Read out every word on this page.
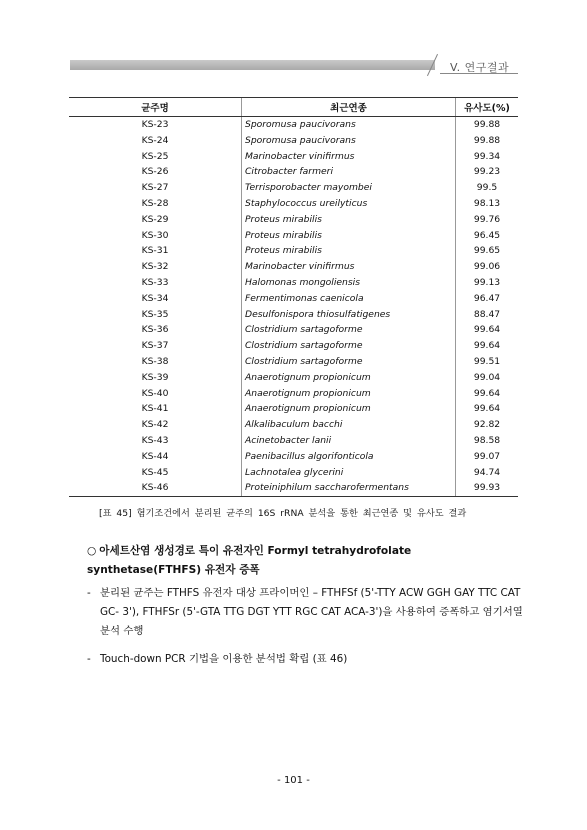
V. 연구결과
균주명	최근연종	유사도(%)
KS-23	Sporomusa paucivorans	99.88
KS-24	Sporomusa paucivorans	99.88
KS-25	Marinobacter vinifirmus	99.34
KS-26	Citrobacter farmeri	99.23
KS-27	Terrisporobacter mayombei	99.5
KS-28	Staphylococcus ureilyticus	98.13
KS-29	Proteus mirabilis	99.76
KS-30	Proteus mirabilis	96.45
KS-31	Proteus mirabilis	99.65
KS-32	Marinobacter vinifirmus	99.06
KS-33	Halomonas mongoliensis	99.13
KS-34	Fermentimonas caenicola	96.47
KS-35	Desulfonispora thiosulfatigenes	88.47
KS-36	Clostridium sartagoforme	99.64
KS-37	Clostridium sartagoforme	99.64
KS-38	Clostridium sartagoforme	99.51
KS-39	Anaerotignum propionicum	99.04
KS-40	Anaerotignum propionicum	99.64
KS-41	Anaerotignum propionicum	99.64
KS-42	Alkalibaculum bacchi	92.82
KS-43	Acinetobacter lanii	98.58
KS-44	Paenibacillus algorifonticola	99.07
KS-45	Lachnotalea glycerini	94.74
KS-46	Proteiniphilum saccharofermentans	99.93
[표 45] 혐기조건에서 분리된 균주의 16S rRNA 분석을 통한 최근연종 및 유사도 결과
○ 아세트산염 생성경로 특이 유전자인 Formyl tetrahydrofolate synthetase(FTHFS) 유전자 증폭
- 분리된 균주는 FTHFS 유전자 대상 프라이머인 – FTHFSf (5'-TTY ACW GGH GAY TTC CAT GC- 3'), FTHFSr (5'-GTA TTG DGT YTT RGC CAT ACA-3')을 사용하여 증폭하고 염기서열 분석 수행
- Touch-down PCR 기법을 이용한 분석법 확립 (표 46)
- 101 -
